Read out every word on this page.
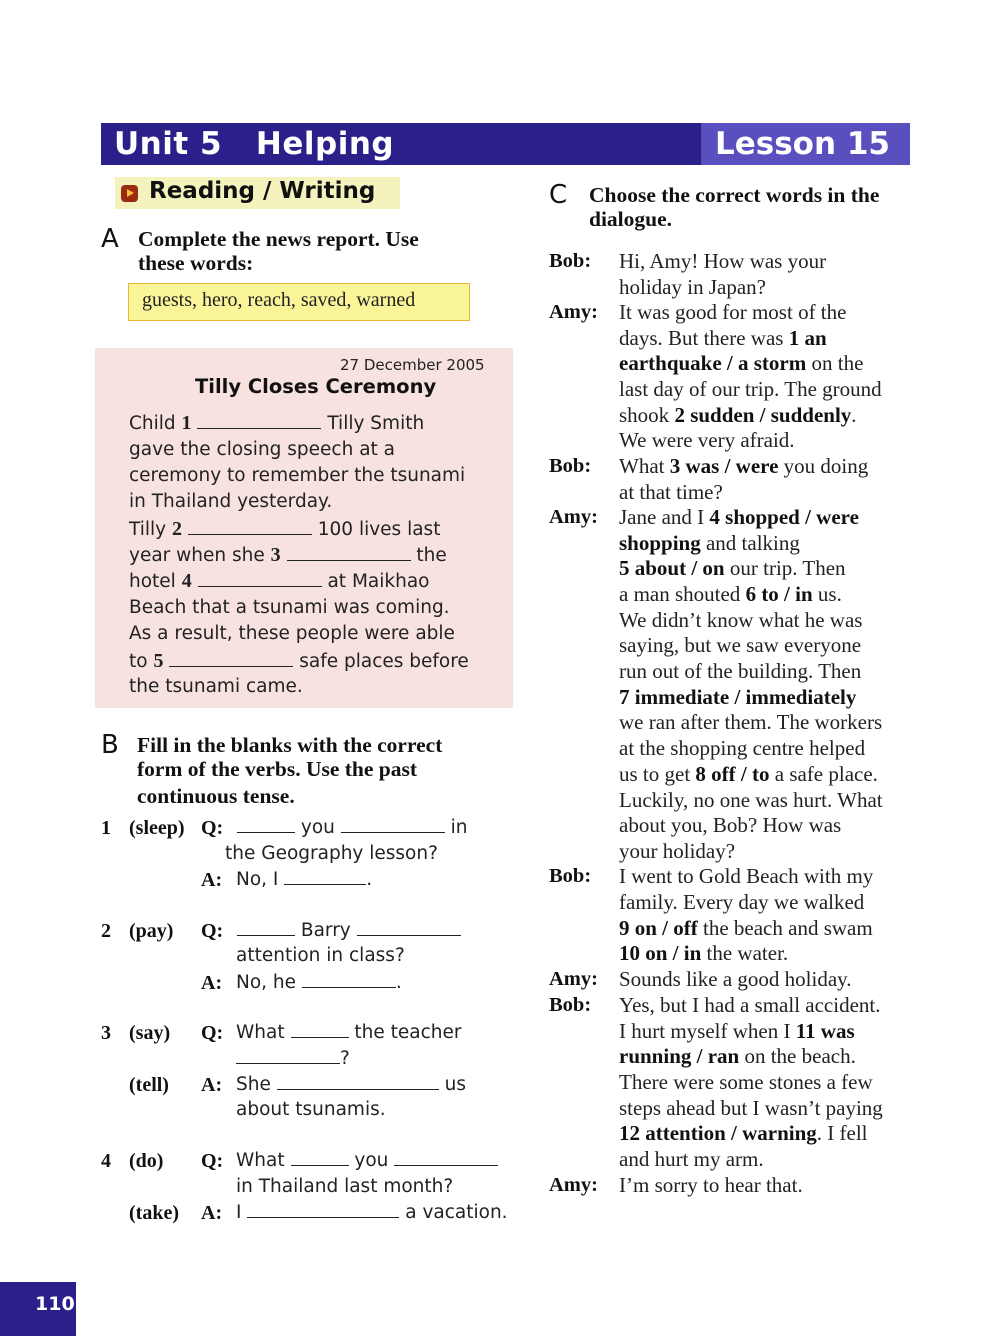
Unit 5   Helping	Lesson 15
Reading / Writing
A Complete the news report. Use
these words:
guests, hero, reach, saved, warned
27 December 2005
Tilly Closes Ceremony
Child 1	Tilly Smith
gave the closing speech at a
ceremony to remember the tsunami
in Thailand yesterday.
Tilly 2	100 lives last
year when she 3	the
hotel 4	at Maikhao
Beach that a tsunami was coming.
As a result, these people were able
to 5	safe places before
the tsunami came.
B Fill in the blanks with the correct
form of the verbs. Use the past
continuous tense.
1 (sleep) Q:	you	in
the Geography lesson?
A: No, I	.
2 (pay) Q:	Barry
attention in class?
A: No, he	.
3 (say) Q: What	the teacher
?
(tell) A: She	us
about tsunamis.
4 (do) Q: What	you
in Thailand last month?
(take) A: I	a vacation.
C Choose the correct words in the
dialogue.
Bob: Hi, Amy! How was your
holiday in Japan?
Amy: It was good for most of the
days. But there was 1 an
earthquake / a storm on the
last day of our trip. The ground
shook 2 sudden / suddenly.
We were very afraid.
Bob: What 3 was / were you doing
at that time?
Amy: Jane and I 4 shopped / were
shopping and talking
5 about / on our trip. Then
a man shouted 6 to / in us.
We didn’t know what he was
saying, but we saw everyone
run out of the building. Then
7 immediate / immediately
we ran after them. The workers
at the shopping centre helped
us to get 8 off / to a safe place.
Luckily, no one was hurt. What
about you, Bob? How was
your holiday?
Bob: I went to Gold Beach with my
family. Every day we walked
9 on / off the beach and swam
10 on / in the water.
Amy: Sounds like a good holiday.
Bob: Yes, but I had a small accident.
I hurt myself when I 11 was
running / ran on the beach.
There were some stones a few
steps ahead but I wasn’t paying
12 attention / warning. I fell
and hurt my arm.
Amy: I’m sorry to hear that.
110
